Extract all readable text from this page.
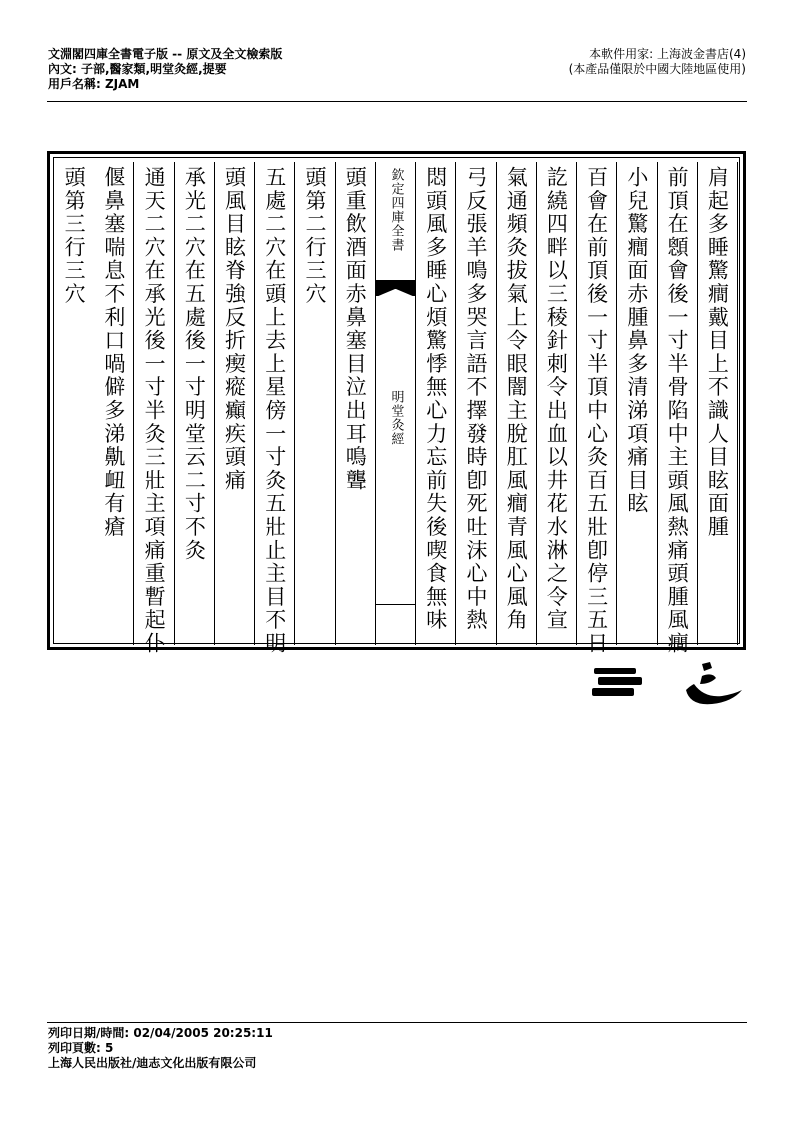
文淵閣四庫全書電子版 -- 原文及全文檢索版
內文: 子部,醫家類,明堂灸經,提要
用戶名稱: ZJAM
本軟件用家: 上海波金書店(4)
(本產品僅限於中國大陸地區使用)
肩起多睡驚癎戴目上不識人目眩面腫
前頂在顖會後一寸半骨陷中主頭風熱痛頭腫風癎
小兒驚癎面赤腫鼻多清涕項痛目眩
百會在前頂後一寸半頂中心灸百五壯卽停三五日
訖繞四畔以三稜針刺令出血以井花水淋之令宣
氣通頻灸拔氣上令眼闇主脫肛風癎青風心風角
弓反張羊鳴多哭言語不擇發時卽死吐沫心中熱
悶頭風多睡心煩驚悸無心力忘前失後喫食無味
欽定四庫全書
明堂灸經
頭重飲酒面赤鼻塞目泣出耳鳴聾
頭第二行三穴
五處二穴在頭上去上星傍一寸灸五壯止主目不明
頭風目眩脊強反折瘈瘲癲疾頭痛
承光二穴在五處後一寸明堂云二寸不灸
通天二穴在承光後一寸半灸三壯主項痛重暫起仆
偃鼻塞喘息不利口喎僻多涕鼽衄有瘡
頭第三行三穴
列印日期/時間: 02/04/2005 20:25:11
列印頁數: 5
上海人民出版社/迪志文化出版有限公司
